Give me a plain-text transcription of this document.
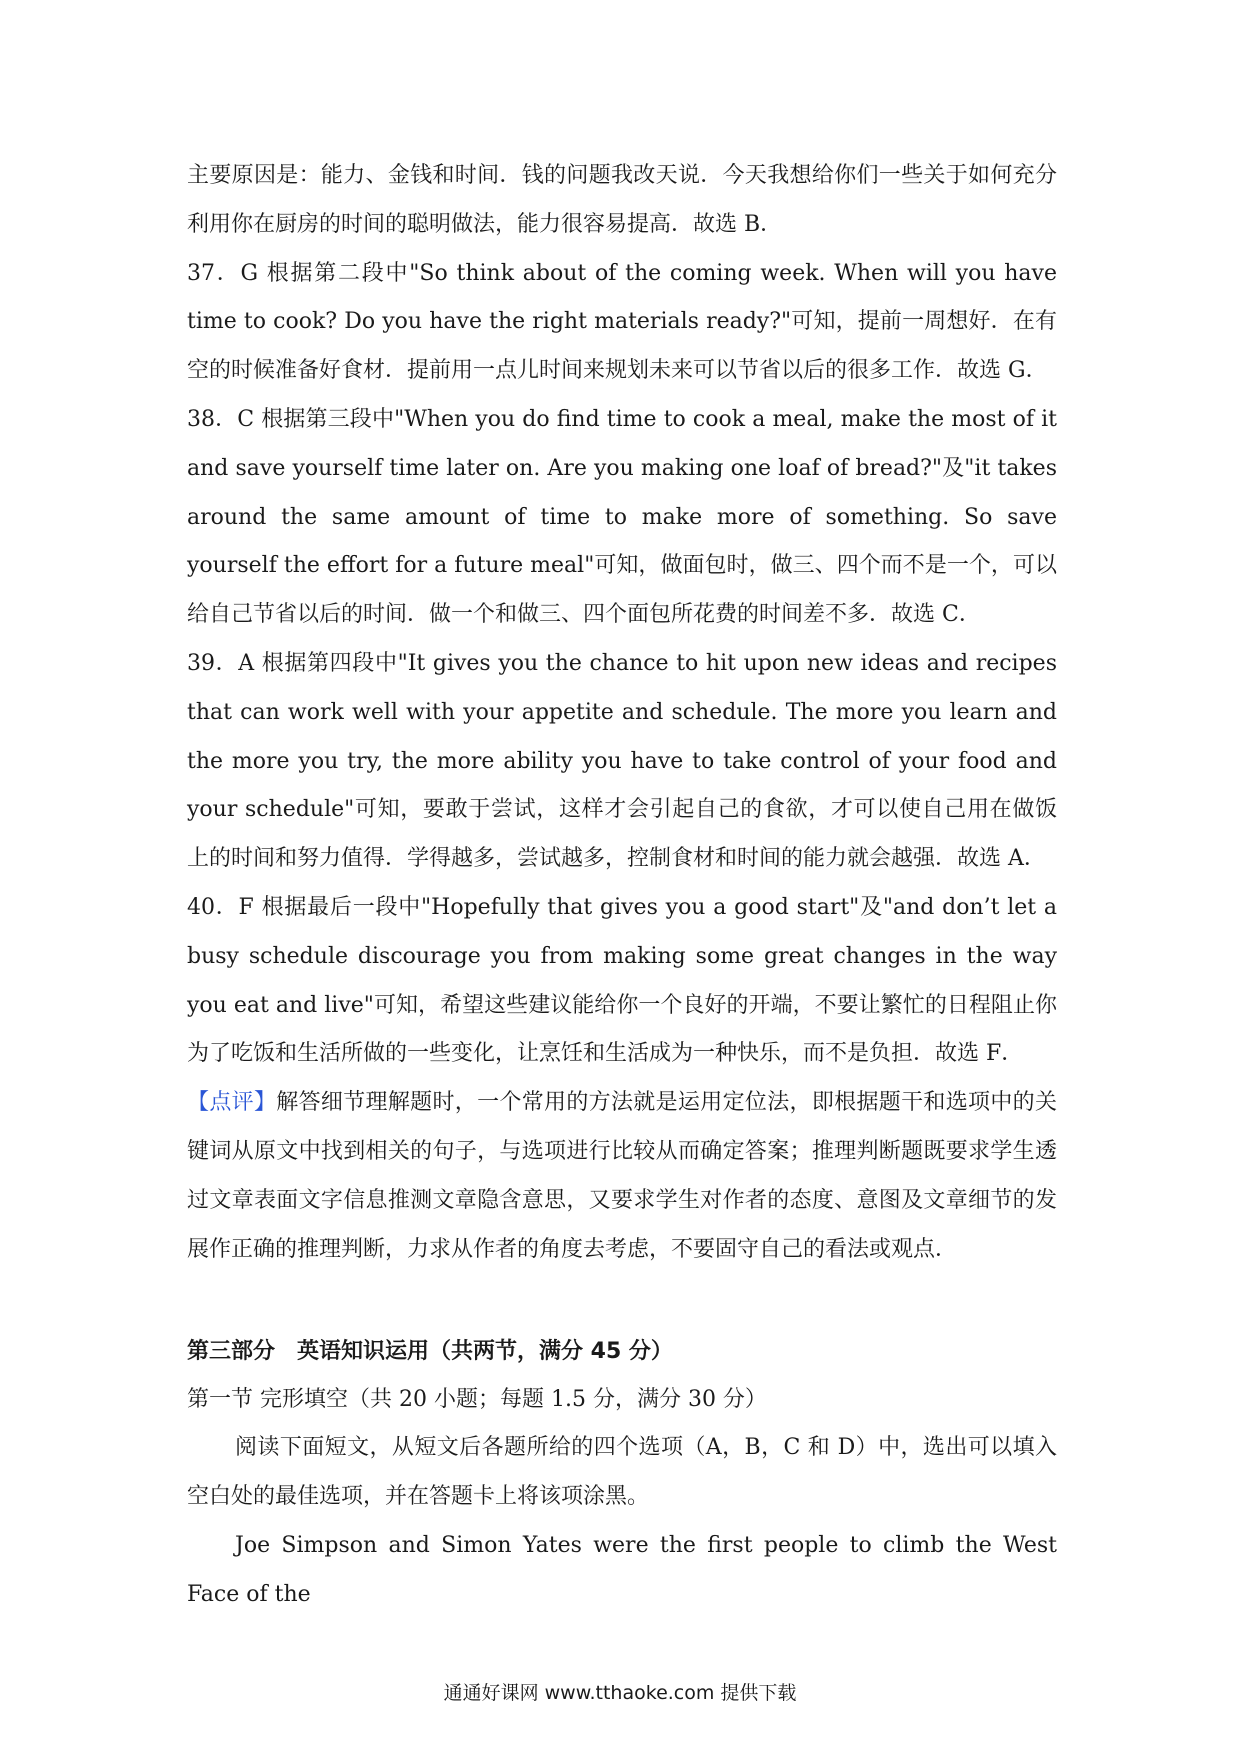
主要原因是：能力、金钱和时间．钱的问题我改天说．今天我想给你们一些关于如何充分利用你在厨房的时间的聪明做法，能力很容易提高．故选 B．

37．G 根据第二段中"So think about of the coming week. When will you have time to cook? Do you have the right materials ready?"可知，提前一周想好．在有空的时候准备好食材．提前用一点儿时间来规划未来可以节省以后的很多工作．故选 G．

38．C 根据第三段中"When you do find time to cook a meal, make the most of it and save yourself time later on. Are you making one loaf of bread?"及"it takes around the same amount of time to make more of something. So save yourself the effort for a future meal"可知，做面包时，做三、四个而不是一个，可以给自己节省以后的时间．做一个和做三、四个面包所花费的时间差不多．故选 C．

39．A 根据第四段中"It gives you the chance to hit upon new ideas and recipes that can work well with your appetite and schedule. The more you learn and the more you try, the more ability you have to take control of your food and your schedule"可知，要敢于尝试，这样才会引起自己的食欲，才可以使自己用在做饭上的时间和努力值得．学得越多，尝试越多，控制食材和时间的能力就会越强．故选 A．

40．F 根据最后一段中"Hopefully that gives you a good start"及"and don’t let a busy schedule discourage you from making some great changes in the way you eat and live"可知，希望这些建议能给你一个良好的开端，不要让繁忙的日程阻止你为了吃饭和生活所做的一些变化，让烹饪和生活成为一种快乐，而不是负担．故选 F．

【点评】解答细节理解题时，一个常用的方法就是运用定位法，即根据题干和选项中的关键词从原文中找到相关的句子，与选项进行比较从而确定答案；推理判断题既要求学生透过文章表面文字信息推测文章隐含意思，又要求学生对作者的态度、意图及文章细节的发展作正确的推理判断，力求从作者的角度去考虑，不要固守自己的看法或观点．

第三部分　英语知识运用（共两节，满分 45 分）

第一节 完形填空（共 20 小题；每题 1.5 分，满分 30 分）

阅读下面短文，从短文后各题所给的四个选项（A，B，C 和 D）中，选出可以填入空白处的最佳选项，并在答题卡上将该项涂黑。

Joe Simpson and Simon Yates were the first people to climb the West Face of the

通通好课网 www.tthaoke.com 提供下载
